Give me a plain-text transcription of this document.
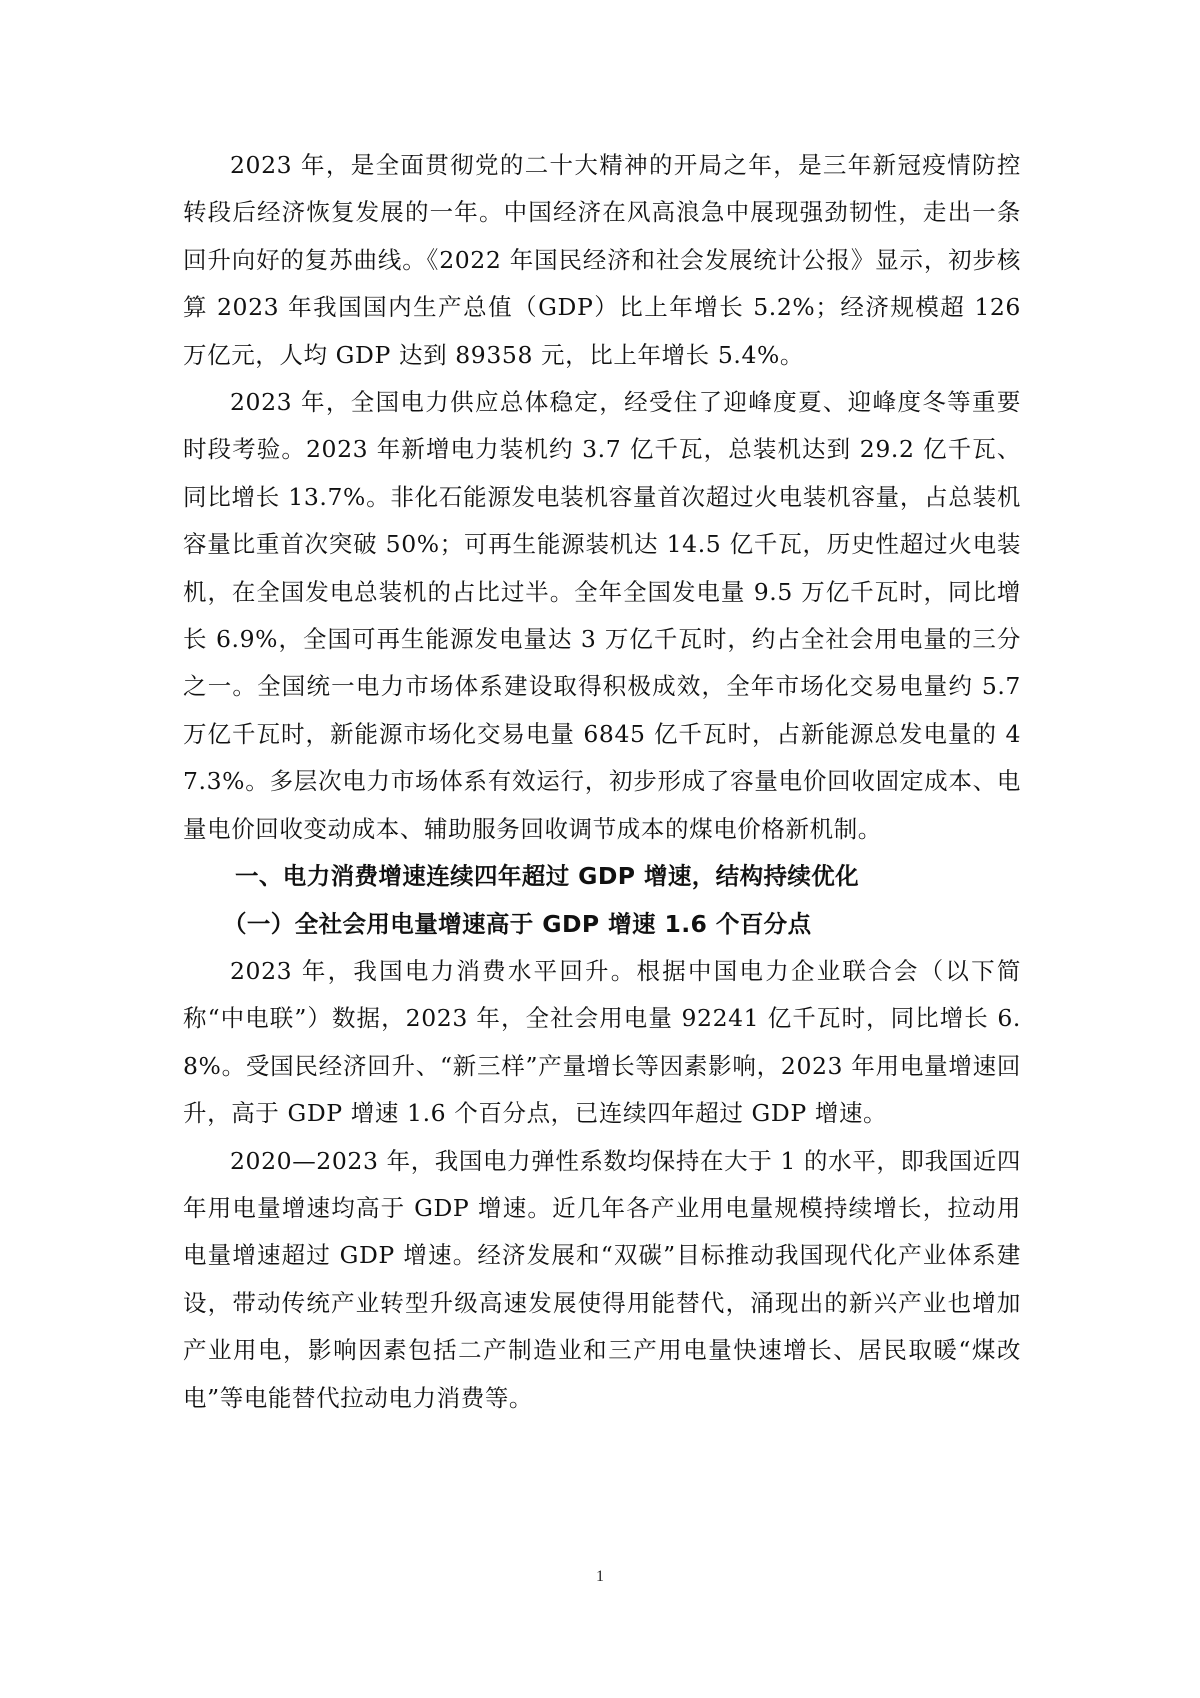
2023 年，是全面贯彻党的二十大精神的开局之年，是三年新冠疫情防控转段后经济恢复发展的一年。中国经济在风高浪急中展现强劲韧性，走出一条回升向好的复苏曲线。《2022 年国民经济和社会发展统计公报》显示，初步核算 2023 年我国国内生产总值（GDP）比上年增长 5.2%；经济规模超 126 万亿元，人均 GDP 达到 89358 元，比上年增长 5.4%。

2023 年，全国电力供应总体稳定，经受住了迎峰度夏、迎峰度冬等重要时段考验。2023 年新增电力装机约 3.7 亿千瓦，总装机达到 29.2 亿千瓦、同比增长 13.7%。非化石能源发电装机容量首次超过火电装机容量，占总装机容量比重首次突破 50%；可再生能源装机达 14.5 亿千瓦，历史性超过火电装机，在全国发电总装机的占比过半。全年全国发电量 9.5 万亿千瓦时，同比增长 6.9%，全国可再生能源发电量达 3 万亿千瓦时，约占全社会用电量的三分之一。全国统一电力市场体系建设取得积极成效，全年市场化交易电量约 5.7 万亿千瓦时，新能源市场化交易电量 6845 亿千瓦时，占新能源总发电量的 47.3%。多层次电力市场体系有效运行，初步形成了容量电价回收固定成本、电量电价回收变动成本、辅助服务回收调节成本的煤电价格新机制。

一、电力消费增速连续四年超过 GDP 增速，结构持续优化

（一）全社会用电量增速高于 GDP 增速 1.6 个百分点

2023 年，我国电力消费水平回升。根据中国电力企业联合会（以下简称“中电联”）数据，2023 年，全社会用电量 92241 亿千瓦时，同比增长 6.8%。受国民经济回升、“新三样”产量增长等因素影响，2023 年用电量增速回升，高于 GDP 增速 1.6 个百分点，已连续四年超过 GDP 增速。

2020—2023 年，我国电力弹性系数均保持在大于 1 的水平，即我国近四年用电量增速均高于 GDP 增速。近几年各产业用电量规模持续增长，拉动用电量增速超过 GDP 增速。经济发展和“双碳”目标推动我国现代化产业体系建设，带动传统产业转型升级高速发展使得用能替代，涌现出的新兴产业也增加产业用电，影响因素包括二产制造业和三产用电量快速增长、居民取暖“煤改电”等电能替代拉动电力消费等。

1
